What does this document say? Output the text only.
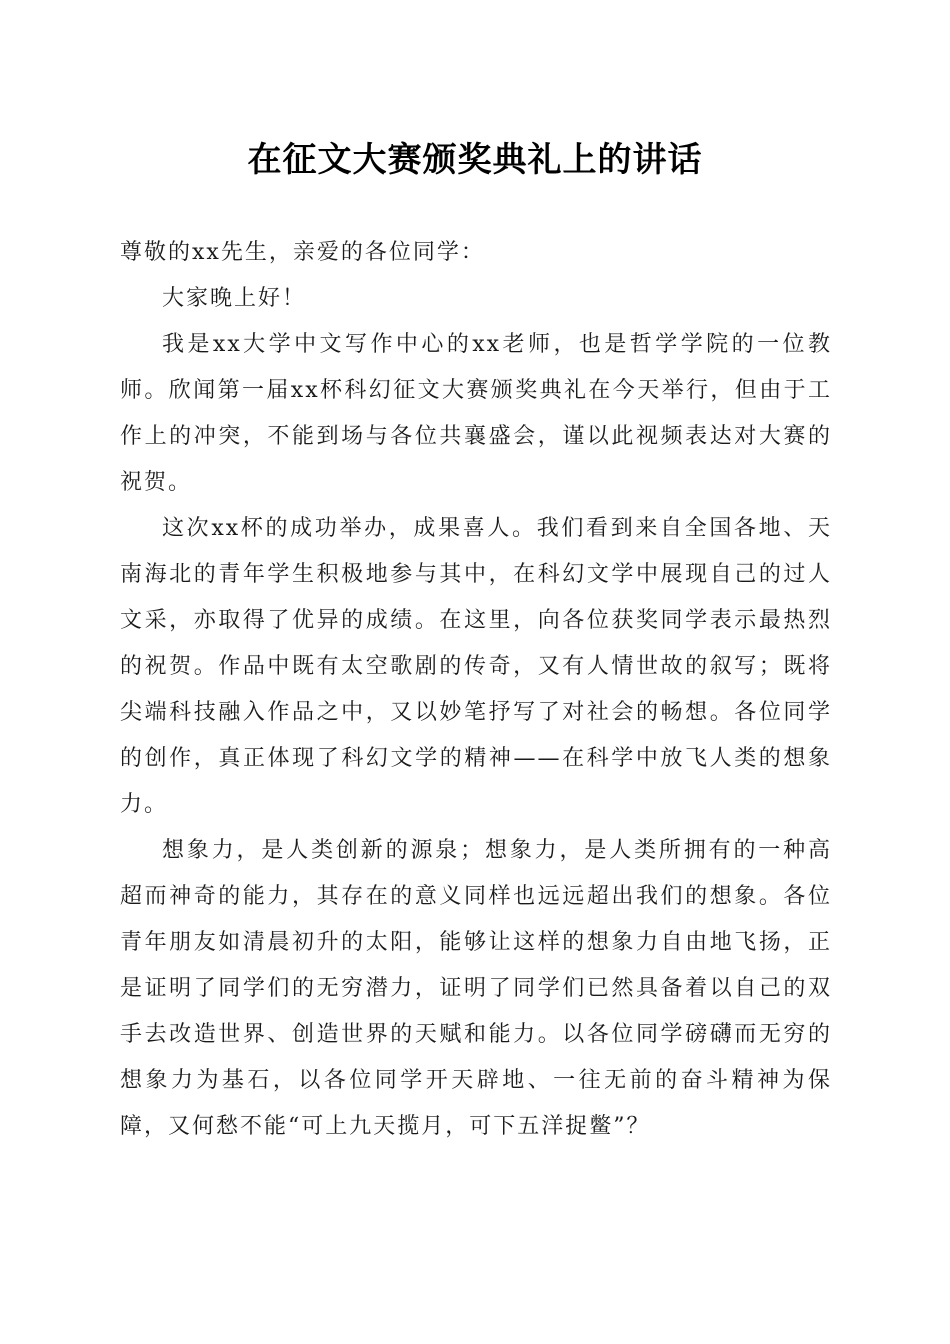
在征文大赛颁奖典礼上的讲话

尊敬的xx先生，亲爱的各位同学：

大家晚上好！

我是xx大学中文写作中心的xx老师，也是哲学学院的一位教师。欣闻第一届xx杯科幻征文大赛颁奖典礼在今天举行，但由于工作上的冲突，不能到场与各位共襄盛会，谨以此视频表达对大赛的祝贺。

这次xx杯的成功举办，成果喜人。我们看到来自全国各地、天南海北的青年学生积极地参与其中，在科幻文学中展现自己的过人文采，亦取得了优异的成绩。在这里，向各位获奖同学表示最热烈的祝贺。作品中既有太空歌剧的传奇，又有人情世故的叙写；既将尖端科技融入作品之中，又以妙笔抒写了对社会的畅想。各位同学的创作，真正体现了科幻文学的精神——在科学中放飞人类的想象力。

想象力，是人类创新的源泉；想象力，是人类所拥有的一种高超而神奇的能力，其存在的意义同样也远远超出我们的想象。各位青年朋友如清晨初升的太阳，能够让这样的想象力自由地飞扬，正是证明了同学们的无穷潜力，证明了同学们已然具备着以自己的双手去改造世界、创造世界的天赋和能力。以各位同学磅礴而无穷的想象力为基石，以各位同学开天辟地、一往无前的奋斗精神为保障，又何愁不能“可上九天揽月，可下五洋捉鳖”？
